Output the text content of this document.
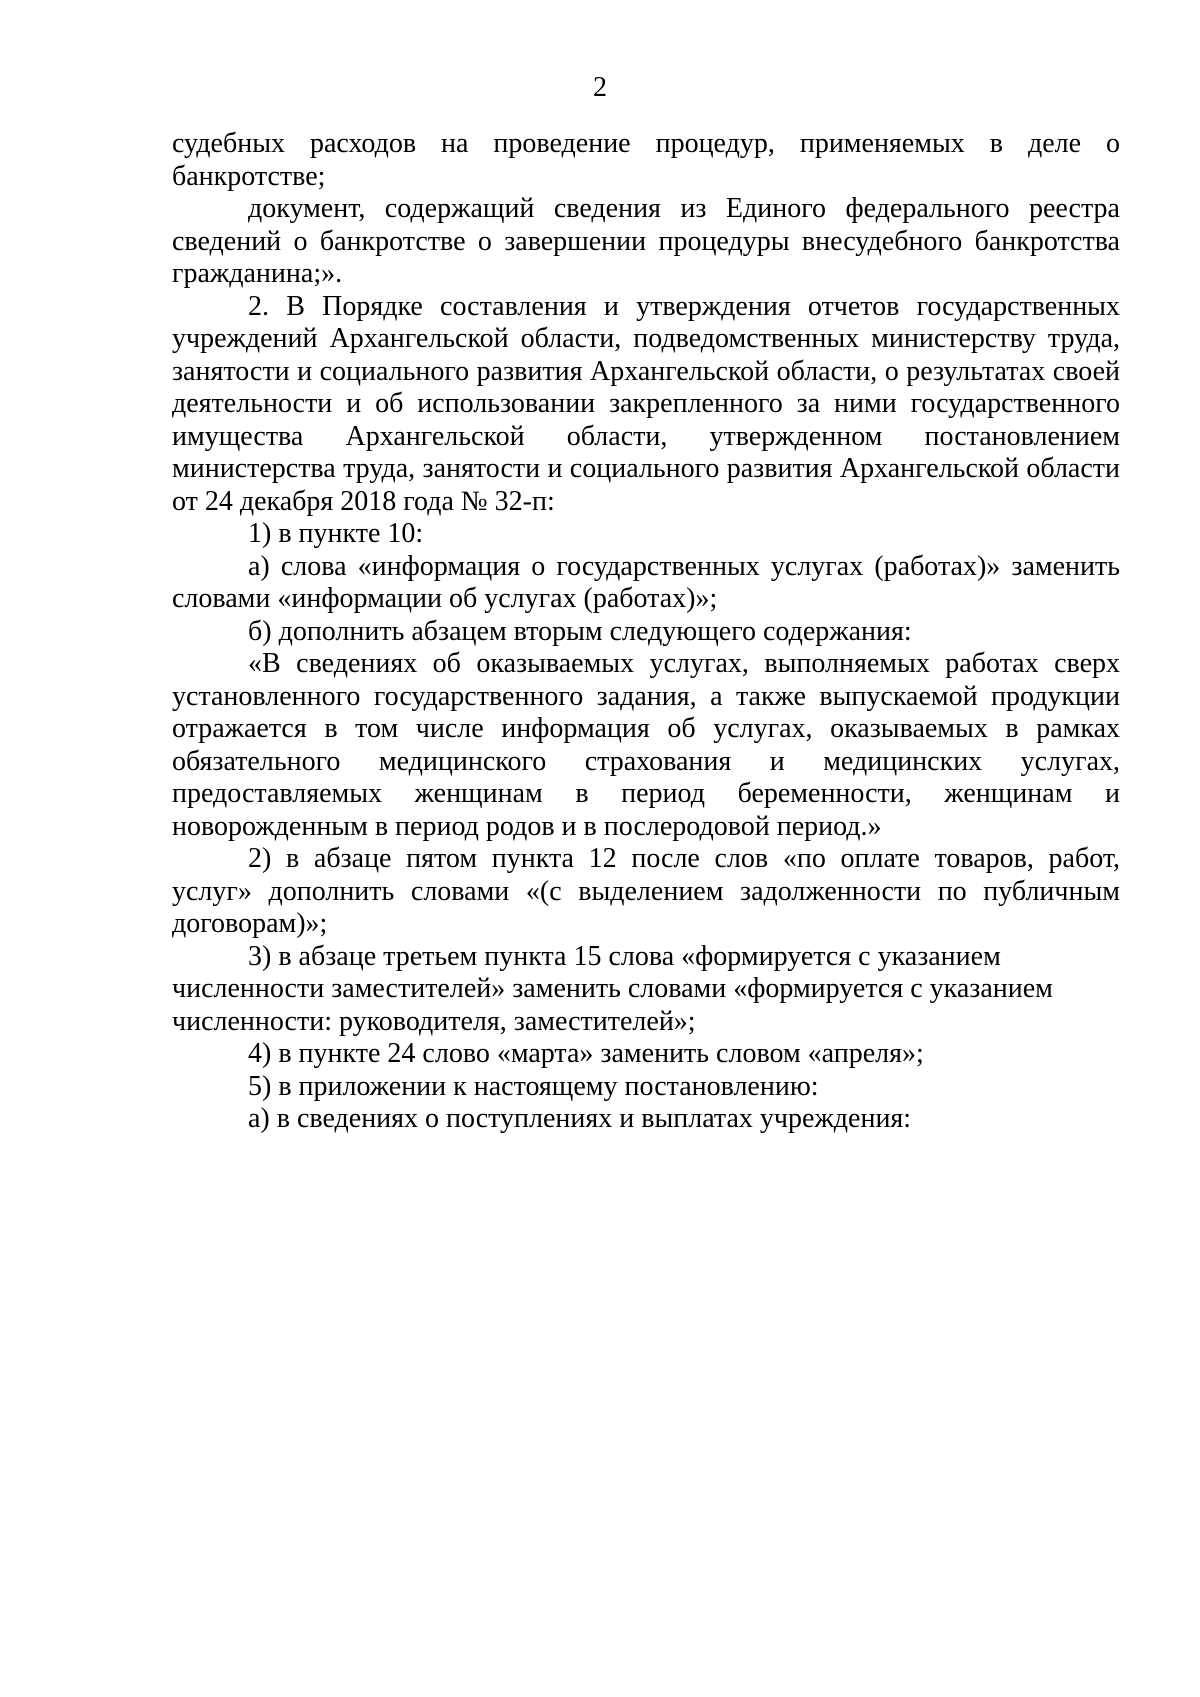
2

судебных расходов на проведение процедур, применяемых в деле о банкротстве;

документ, содержащий сведения из Единого федерального реестра сведений о банкротстве о завершении процедуры внесудебного банкротства гражданина;».

2. В Порядке составления и утверждения отчетов государственных учреждений Архангельской области, подведомственных министерству труда, занятости и социального развития Архангельской области, о результатах своей деятельности и об использовании закрепленного за ними государственного имущества Архангельской области, утвержденном постановлением министерства труда, занятости и социального развития Архангельской области от 24 декабря 2018 года № 32-п:

1) в пункте 10:

а) слова «информация о государственных услугах (работах)» заменить словами «информации об услугах (работах)»;

б) дополнить абзацем вторым следующего содержания:

«В сведениях об оказываемых услугах, выполняемых работах сверх установленного государственного задания, а также выпускаемой продукции отражается в том числе информация об услугах, оказываемых в рамках обязательного медицинского страхования и медицинских услугах, предоставляемых женщинам в период беременности, женщинам и новорожденным в период родов и в послеродовой период.»

2) в абзаце пятом пункта 12 после слов «по оплате товаров, работ, услуг» дополнить словами «(с выделением задолженности по публичным договорам)»;

3) в абзаце третьем пункта 15 слова «формируется с указанием численности заместителей» заменить словами «формируется с указанием численности: руководителя, заместителей»;

4) в пункте 24 слово «марта» заменить словом «апреля»;

5) в приложении к настоящему постановлению:

а) в сведениях о поступлениях и выплатах учреждения:
